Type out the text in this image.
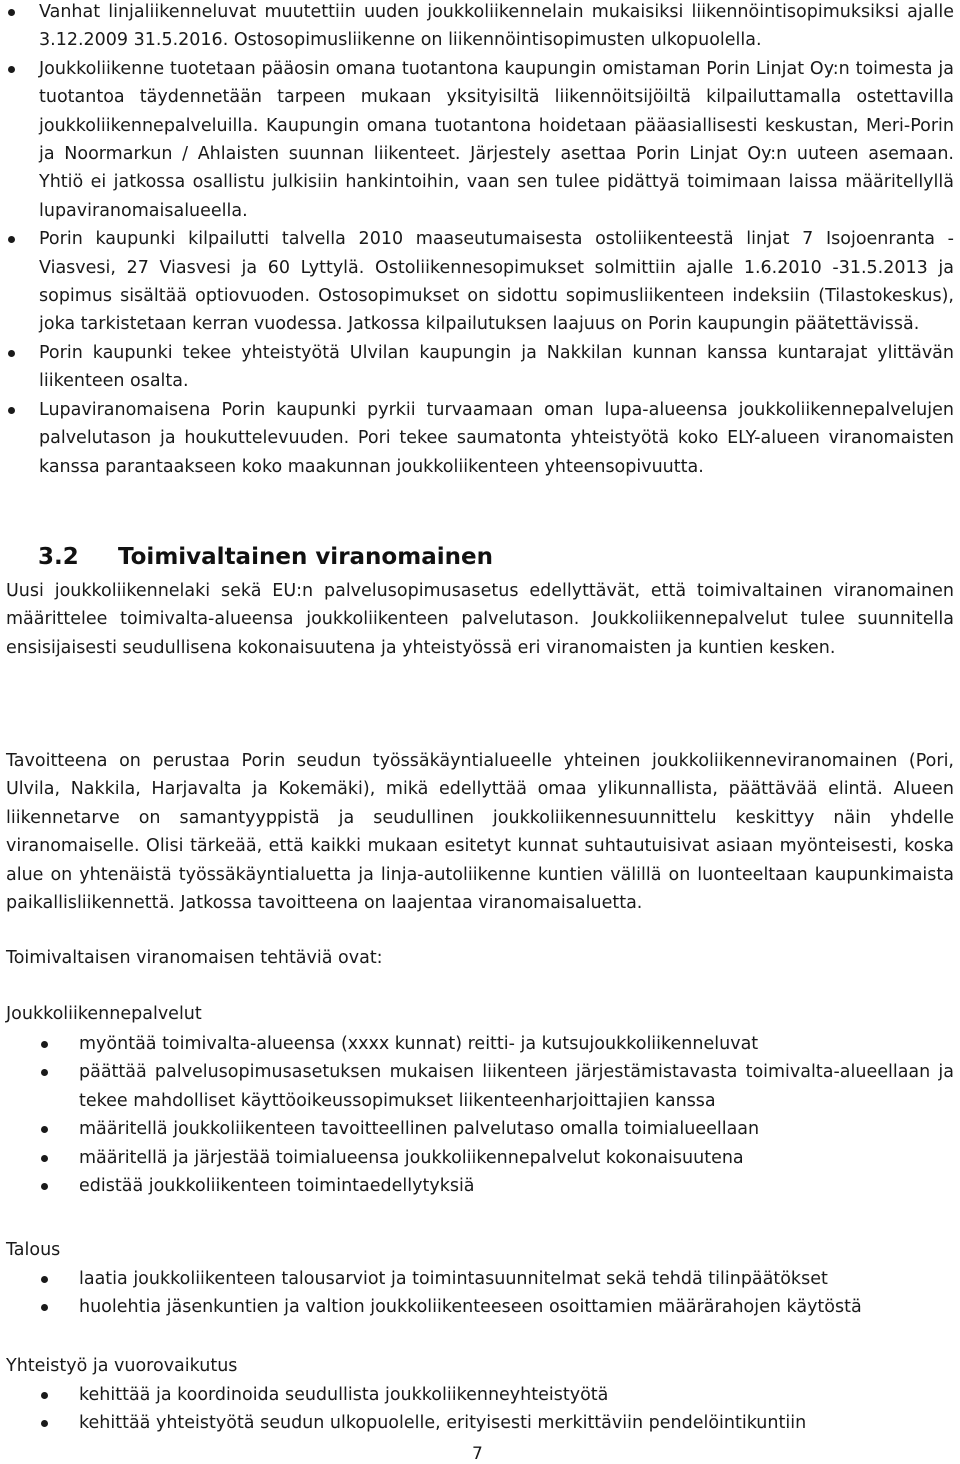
Vanhat linjaliikenneluvat muutettiin uuden joukkoliikennelain mukaisiksi liikennöintisopimuksiksi ajalle 3.12.2009 31.5.2016. Ostosopimusliikenne on liikennöintisopimusten ulkopuolella.
Joukkoliikenne tuotetaan pääosin omana tuotantona kaupungin omistaman Porin Linjat Oy:n toimesta ja tuotantoa täydennetään tarpeen mukaan yksityisiltä liikennöitsijöiltä kilpailuttamalla ostettavilla joukkoliikennepalveluilla. Kaupungin omana tuotantona hoidetaan pääasiallisesti keskustan, Meri-Porin ja Noormarkun / Ahlaisten suunnan liikenteet. Järjestely asettaa Porin Linjat Oy:n uuteen asemaan. Yhtiö ei jatkossa osallistu julkisiin hankintoihin, vaan sen tulee pidättyä toimimaan laissa määritellyllä lupaviranomaisalueella.
Porin kaupunki kilpailutti talvella 2010 maaseutumaisesta ostoliikenteestä linjat 7 Isojoenranta - Viasvesi, 27 Viasvesi ja 60 Lyttylä. Ostoliikennesopimukset solmittiin ajalle 1.6.2010 -31.5.2013 ja sopimus sisältää optiovuoden. Ostosopimukset on sidottu sopimusliikenteen indeksiin (Tilastokeskus), joka tarkistetaan kerran vuodessa. Jatkossa kilpailutuksen laajuus on Porin kaupungin päätettävissä.
Porin kaupunki tekee yhteistyötä Ulvilan kaupungin ja Nakkilan kunnan kanssa kuntarajat ylittävän liikenteen osalta.
Lupaviranomaisena Porin kaupunki pyrkii turvaamaan oman lupa-alueensa joukkoliikennepalvelujen palvelutason ja houkuttelevuuden. Pori tekee saumatonta yhteistyötä koko ELY-alueen viranomaisten kanssa parantaakseen koko maakunnan joukkoliikenteen yhteensopivuutta.
3.2 Toimivaltainen viranomainen

Uusi joukkoliikennelaki sekä EU:n palvelusopimusasetus edellyttävät, että toimivaltainen viranomainen määrittelee toimivalta-alueensa joukkoliikenteen palvelutason. Joukkoliikennepalvelut tulee suunnitella ensisijaisesti seudullisena kokonaisuutena ja yhteistyössä eri viranomaisten ja kuntien kesken.

Tavoitteena on perustaa Porin seudun työssäkäyntialueelle yhteinen joukkoliikenneviranomainen (Pori, Ulvila, Nakkila, Harjavalta ja Kokemäki), mikä edellyttää omaa ylikunnallista, päättävää elintä. Alueen liikennetarve on samantyyppistä ja seudullinen joukkoliikennesuunnittelu keskittyy näin yhdelle viranomaiselle. Olisi tärkeää, että kaikki mukaan esitetyt kunnat suhtautuisivat asiaan myönteisesti, koska alue on yhtenäistä työssäkäyntialuetta ja linja-autoliikenne kuntien välillä on luonteeltaan kaupunkimaista paikallisliikennettä. Jatkossa tavoitteena on laajentaa viranomaisaluetta.

Toimivaltaisen viranomaisen tehtäviä ovat:

Joukkoliikennepalvelut
myöntää toimivalta-alueensa (xxxx kunnat) reitti- ja kutsujoukkoliikenneluvat
päättää palvelusopimusasetuksen mukaisen liikenteen järjestämistavasta toimivalta-alueellaan ja tekee mahdolliset käyttöoikeussopimukset liikenteenharjoittajien kanssa
määritellä joukkoliikenteen tavoitteellinen palvelutaso omalla toimialueellaan
määritellä ja järjestää toimialueensa joukkoliikennepalvelut kokonaisuutena
edistää joukkoliikenteen toimintaedellytyksiä
Talous
laatia joukkoliikenteen talousarviot ja toimintasuunnitelmat sekä tehdä tilinpäätökset
huolehtia jäsenkuntien ja valtion joukkoliikenteeseen osoittamien määrärahojen käytöstä
Yhteistyö ja vuorovaikutus
kehittää ja koordinoida seudullista joukkoliikenneyhteistyötä
kehittää yhteistyötä seudun ulkopuolelle, erityisesti merkittäviin pendelöintikuntiin
7
